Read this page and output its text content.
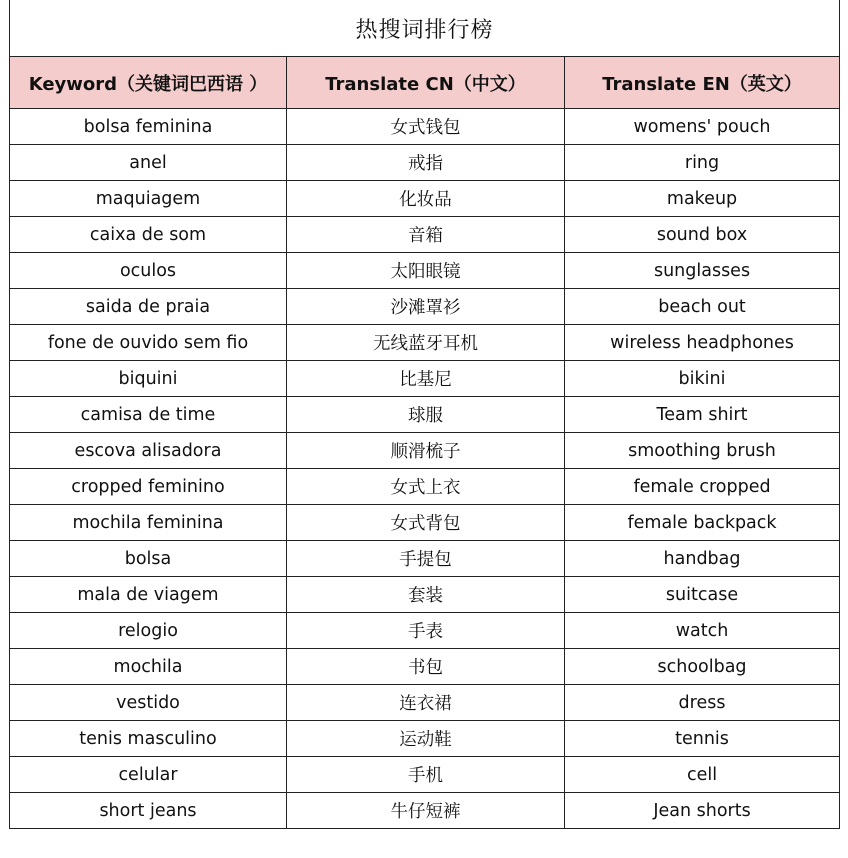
热搜词排行榜		
Keyword（关键词巴西语 ）	Translate CN（中文）	Translate EN（英文）
bolsa feminina	女式钱包	womens' pouch
anel	戒指	ring
maquiagem	化妆品	makeup
caixa de som	音箱	sound box
oculos	太阳眼镜	sunglasses
saida de praia	沙滩罩衫	beach out
fone de ouvido sem fio	无线蓝牙耳机	wireless headphones
biquini	比基尼	bikini
camisa de time	球服	Team shirt
escova alisadora	顺滑梳子	smoothing brush
cropped feminino	女式上衣	female cropped
mochila feminina	女式背包	female backpack
bolsa	手提包	handbag
mala de viagem	套装	suitcase
relogio	手表	watch
mochila	书包	schoolbag
vestido	连衣裙	dress
tenis masculino	运动鞋	tennis
celular	手机	cell
short jeans	牛仔短裤	Jean shorts
